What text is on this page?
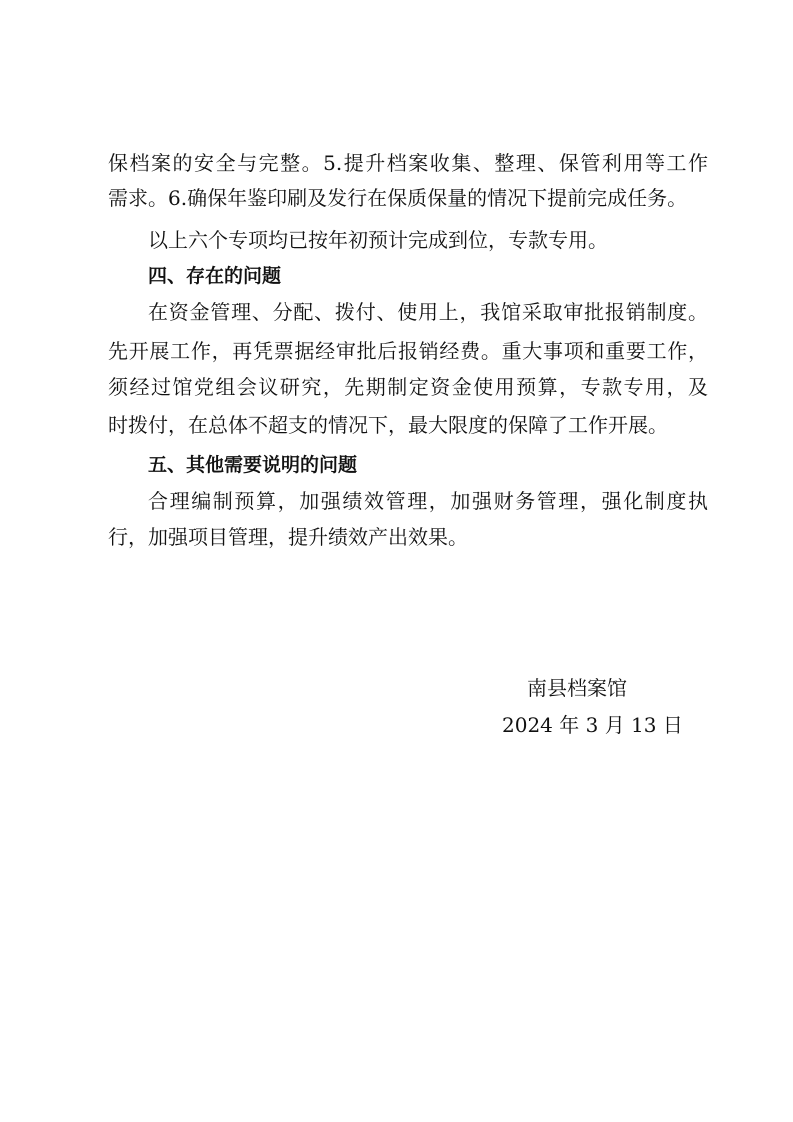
保档案的安全与完整。5.提升档案收集、整理、保管利用等工作
需求。6.确保年鉴印刷及发行在保质保量的情况下提前完成任务。
以上六个专项均已按年初预计完成到位，专款专用。
四、存在的问题
在资金管理、分配、拨付、使用上，我馆采取审批报销制度。
先开展工作，再凭票据经审批后报销经费。重大事项和重要工作，
须经过馆党组会议研究，先期制定资金使用预算，专款专用，及
时拨付，在总体不超支的情况下，最大限度的保障了工作开展。
五、其他需要说明的问题
合理编制预算，加强绩效管理，加强财务管理，强化制度执
行，加强项目管理，提升绩效产出效果。
南县档案馆
2024 年 3 月 13 日
